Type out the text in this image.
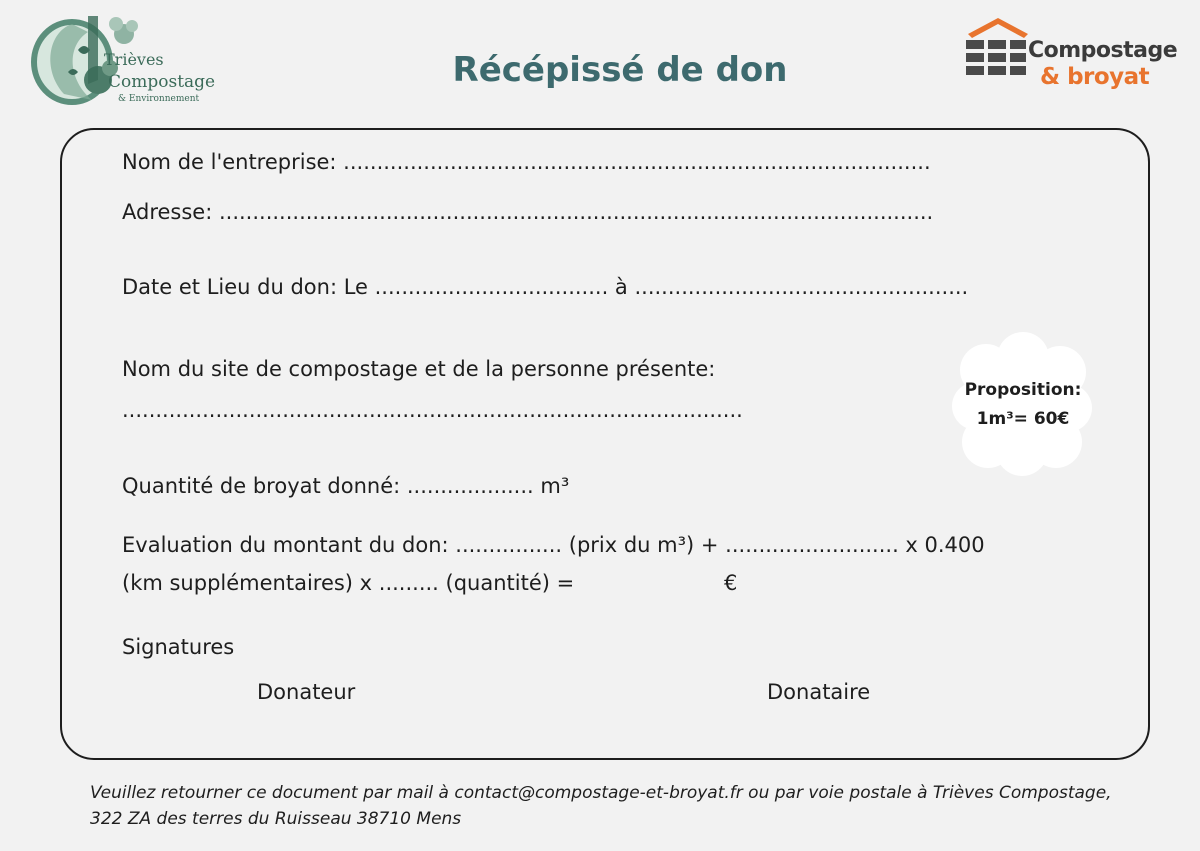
Trièves
Compostage
& Environnement
Récépissé de don	Compostage
& broyat
Nom de l'entreprise: ........................................................................................
Adresse: ...........................................................................................................
Date et Lieu du don: Le ................................... à ..................................................
Nom du site de compostage et de la personne présente:
.............................................................................................
Quantité de broyat donné: ................... m³
Evaluation du montant du don: ................ (prix du m³) + .......................... x 0.400
(km supplémentaires) x ......... (quantité) =	€
Signatures
Donateur	Donataire
Proposition:
1m³= 60€
Veuillez retourner ce document par mail à contact@compostage-et-broyat.fr ou par voie postale à Trièves Compostage,
322 ZA des terres du Ruisseau 38710 Mens
